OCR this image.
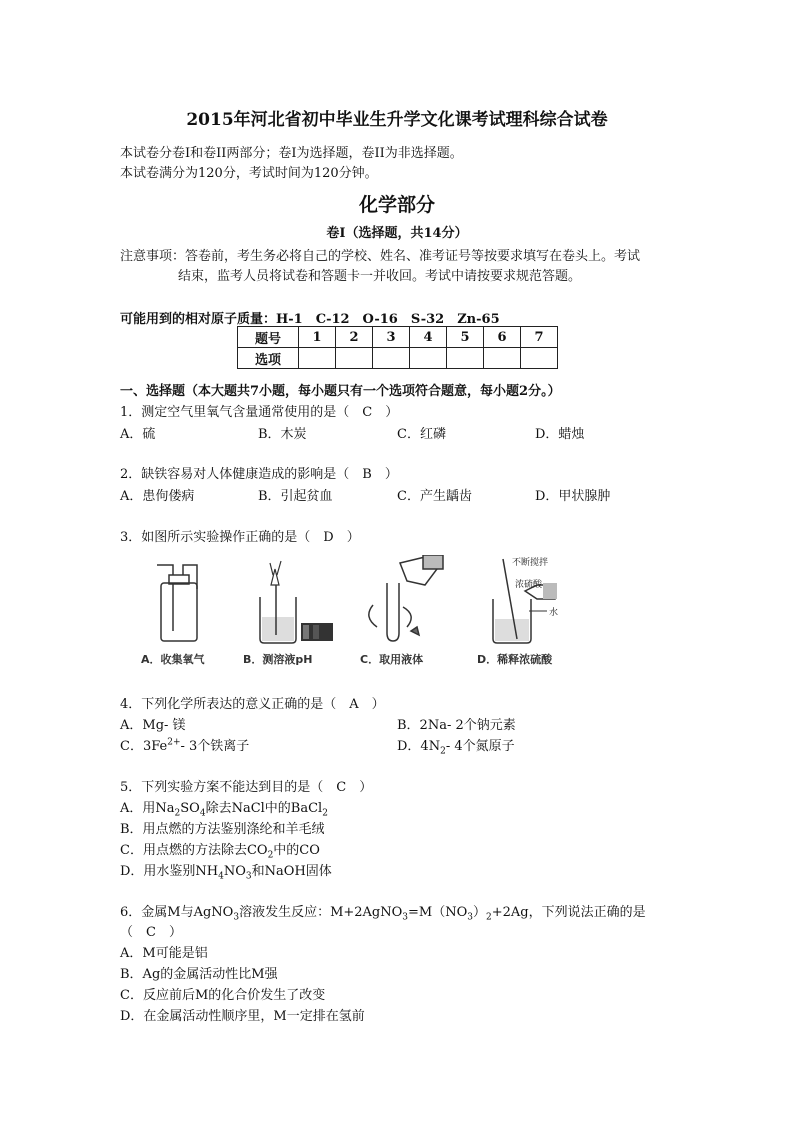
2015年河北省初中毕业生升学文化课考试理科综合试卷
本试卷分卷I和卷II两部分；卷I为选择题，卷II为非选择题。
本试卷满分为120分，考试时间为120分钟。
化学部分
卷Ⅰ（选择题，共14分）
注意事项：答卷前，考生务必将自己的学校、姓名、准考证号等按要求填写在卷头上。考试
结束，监考人员将试卷和答题卡一并收回。考试中请按要求规范答题。
可能用到的相对原子质量：H-1　C-12　O-16　S-32　Zn-65
题号	1	2	3	4	5	6	7
选项							
一、选择题（本大题共7小题，每小题只有一个选项符合题意，每小题2分。）
1．测定空气里氧气含量通常使用的是（　C　）
A．硫	B．木炭	C．红磷	D．蜡烛
2．缺铁容易对人体健康造成的影响是（　B　）
A．患佝偻病	B．引起贫血	C．产生龋齿	D．甲状腺肿
3．如图所示实验操作正确的是（　D　）
不断搅拌
浓硫酸
水
A．收集氧气	B．测溶液pH	C．取用液体	D．稀释浓硫酸
4．下列化学所表达的意义正确的是（　A　）
A．Mg- 镁	B．2Na- 2个钠元素
C．$3Fe^{2+}-$ 3个铁离子	D．$4N_2-$ 4个氮原子
5．下列实验方案不能达到目的是（　C　）
A．用$Na_2SO_4$除去NaCl中的BaCl$_2$
B．用点燃的方法鉴别涤纶和羊毛绒
C．用点燃的方法除去$CO_2$中的CO
D．用水鉴别$NH_4NO_3$和NaOH固体
6．金属M与AgNO$_3$溶液发生反应：$M+2AgNO_3=M(NO_3)_2+2Ag$，下列说法正确的是
（　C　）
A．M可能是铝
B．Ag的金属活动性比M强
C．反应前后M的化合价发生了改变
D．在金属活动性顺序里，M一定排在氢前
